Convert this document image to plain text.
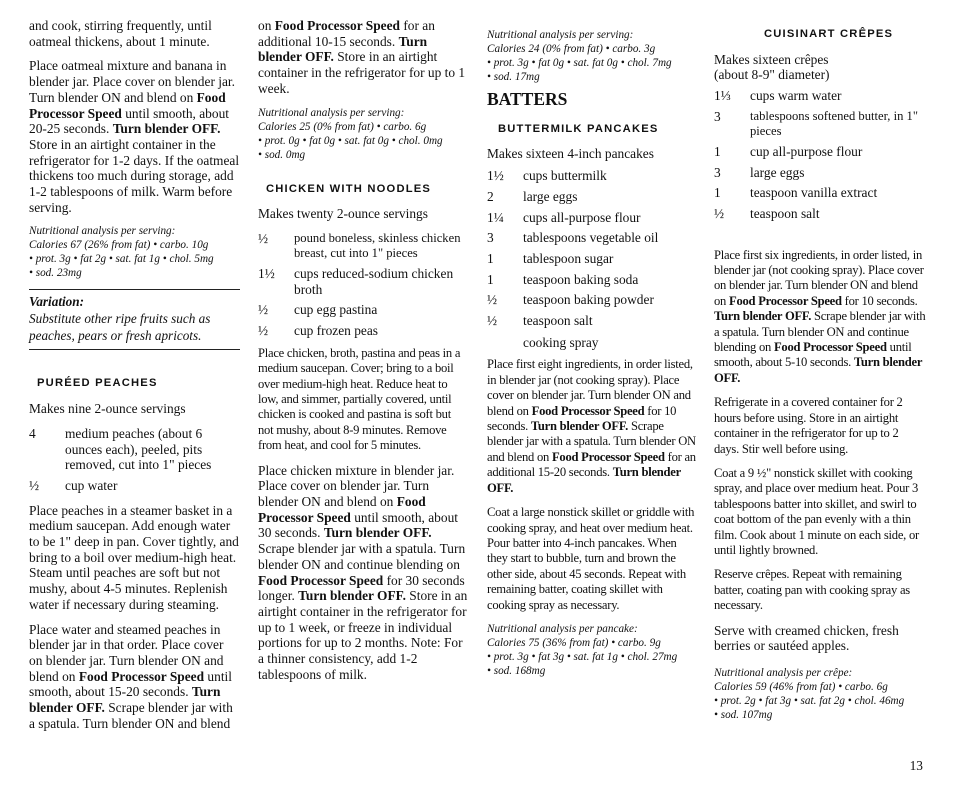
and cook, stirring frequently, until oatmeal thickens, about 1 minute.

Place oatmeal mixture and banana in blender jar. Place cover on blender jar. Turn blender ON and blend on Food Processor Speed until smooth, about 20-25 seconds. Turn blender OFF. Store in an airtight container in the refrigerator for 1-2 days. If the oatmeal thickens too much during storage, add 1-2 tablespoons of milk. Warm before serving.

Nutritional analysis per serving:
Calories 67 (26% from fat) • carbo. 10g
• prot. 3g • fat 2g • sat. fat 1g • chol. 5mg
• sod. 23mg
Variation:
Substitute other ripe fruits such as peaches, pears or fresh apricots.
PURÉED PEACHES

Makes nine 2-ounce servings

4	medium peaches (about 6 ounces each), peeled, pits removed, cut into 1" pieces
½	cup water

Place peaches in a steamer basket in a medium saucepan. Add enough water to be 1" deep in pan. Cover tightly, and bring to a boil over medium-high heat. Steam until peaches are soft but not mushy, about 4-5 minutes. Replenish water if necessary during steaming.

Place water and steamed peaches in blender jar in that order. Place cover on blender jar. Turn blender ON and blend on Food Processor Speed until smooth, about 15-20 seconds. Turn blender OFF. Scrape blender jar with a spatula. Turn blender ON and blend

on Food Processor Speed for an additional 10-15 seconds. Turn blender OFF. Store in an airtight container in the refrigerator for up to 1 week.

Nutritional analysis per serving:
Calories 25 (0% from fat) • carbo. 6g
• prot. 0g • fat 0g • sat. fat 0g • chol. 0mg
• sod. 0mg
CHICKEN WITH NOODLES

Makes twenty 2-ounce servings

½	pound boneless, skinless chicken breast, cut into 1" pieces
1½	cups reduced-sodium chicken broth
½	cup egg pastina
½	cup frozen peas

Place chicken, broth, pastina and peas in a medium saucepan. Cover; bring to a boil over medium-high heat. Reduce heat to low, and simmer, partially covered, until chicken is cooked and pastina is soft but not mushy, about 8-9 minutes. Remove from heat, and cool for 5 minutes.

Place chicken mixture in blender jar. Place cover on blender jar. Turn blender ON and blend on Food Processor Speed until smooth, about 30 seconds. Turn blender OFF. Scrape blender jar with a spatula. Turn blender ON and continue blending on Food Processor Speed for 30 seconds longer. Turn blender OFF. Store in an airtight container in the refrigerator for up to 1 week, or freeze in individual portions for up to 2 months. Note: For a thinner consistency, add 1-2 tablespoons of milk.

Nutritional analysis per serving:
Calories 24 (0% from fat) • carbo. 3g
• prot. 3g • fat 0g • sat. fat 0g • chol. 7mg
• sod. 17mg
BATTERS
BUTTERMILK PANCAKES

Makes sixteen 4-inch pancakes

1½	cups buttermilk
2	large eggs
1¼	cups all-purpose flour
3	tablespoons vegetable oil
1	tablespoon sugar
1	teaspoon baking soda
½	teaspoon baking powder
½	teaspoon salt
cooking spray

Place first eight ingredients, in order listed, in blender jar (not cooking spray). Place cover on blender jar. Turn blender ON and blend on Food Processor Speed for 10 seconds. Turn blender OFF. Scrape blender jar with a spatula. Turn blender ON and blend on Food Processor Speed for an additional 15-20 seconds. Turn blender OFF.

Coat a large nonstick skillet or griddle with cooking spray, and heat over medium heat. Pour batter into 4-inch pancakes. When they start to bubble, turn and brown the other side, about 45 seconds. Repeat with remaining batter, coating skillet with cooking spray as necessary.

Nutritional analysis per pancake:
Calories 75 (36% from fat) • carbo. 9g
• prot. 3g • fat 3g • sat. fat 1g • chol. 27mg
• sod. 168mg
CUISINART CRÊPES

Makes sixteen crêpes
(about 8-9" diameter)

1⅓	cups warm water
3	tablespoons softened butter, in 1" pieces
1	cup all-purpose flour
3	large eggs
1	teaspoon vanilla extract
½	teaspoon salt

Place first six ingredients, in order listed, in blender jar (not cooking spray). Place cover on blender jar. Turn blender ON and blend on Food Processor Speed for 10 seconds. Turn blender OFF. Scrape blender jar with a spatula. Turn blender ON and continue blending on Food Processor Speed until smooth, about 5-10 seconds. Turn blender OFF.

Refrigerate in a covered container for 2 hours before using. Store in an airtight container in the refrigerator for up to 2 days. Stir well before using.

Coat a 9 ½" nonstick skillet with cooking spray, and place over medium heat. Pour 3 tablespoons batter into skillet, and swirl to coat bottom of the pan evenly with a thin film. Cook about 1 minute on each side, or until lightly browned.

Reserve crêpes. Repeat with remaining batter, coating pan with cooking spray as necessary.

Serve with creamed chicken, fresh berries or sautéed apples.

Nutritional analysis per crêpe:
Calories 59 (46% from fat) • carbo. 6g
• prot. 2g • fat 3g • sat. fat 2g • chol. 46mg
• sod. 107mg
13
